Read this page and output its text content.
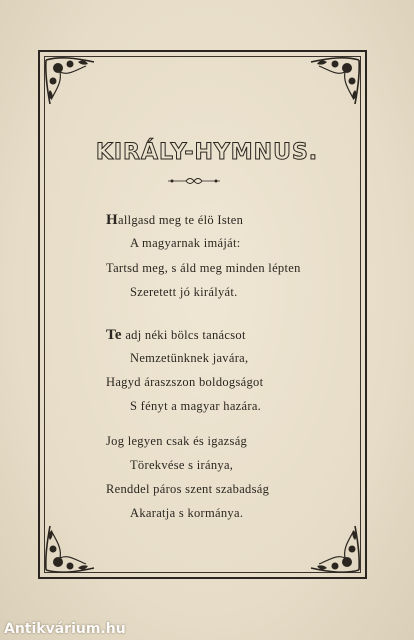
KIRÁLY-HYMNUS.
Hallgasd meg te élö Isten
A magyarnak imáját:
Tartsd meg, s áld meg minden lépten
Szeretett jó királyát.
Te adj néki bölcs tanácsot
Nemzetünknek javára,
Hagyd áraszszon boldogságot
S fényt a magyar hazára.
Jog legyen csak és igazság
Törekvése s iránya,
Renddel páros szent szabadság
Akaratja s kormánya.
Antikvárium.hu
